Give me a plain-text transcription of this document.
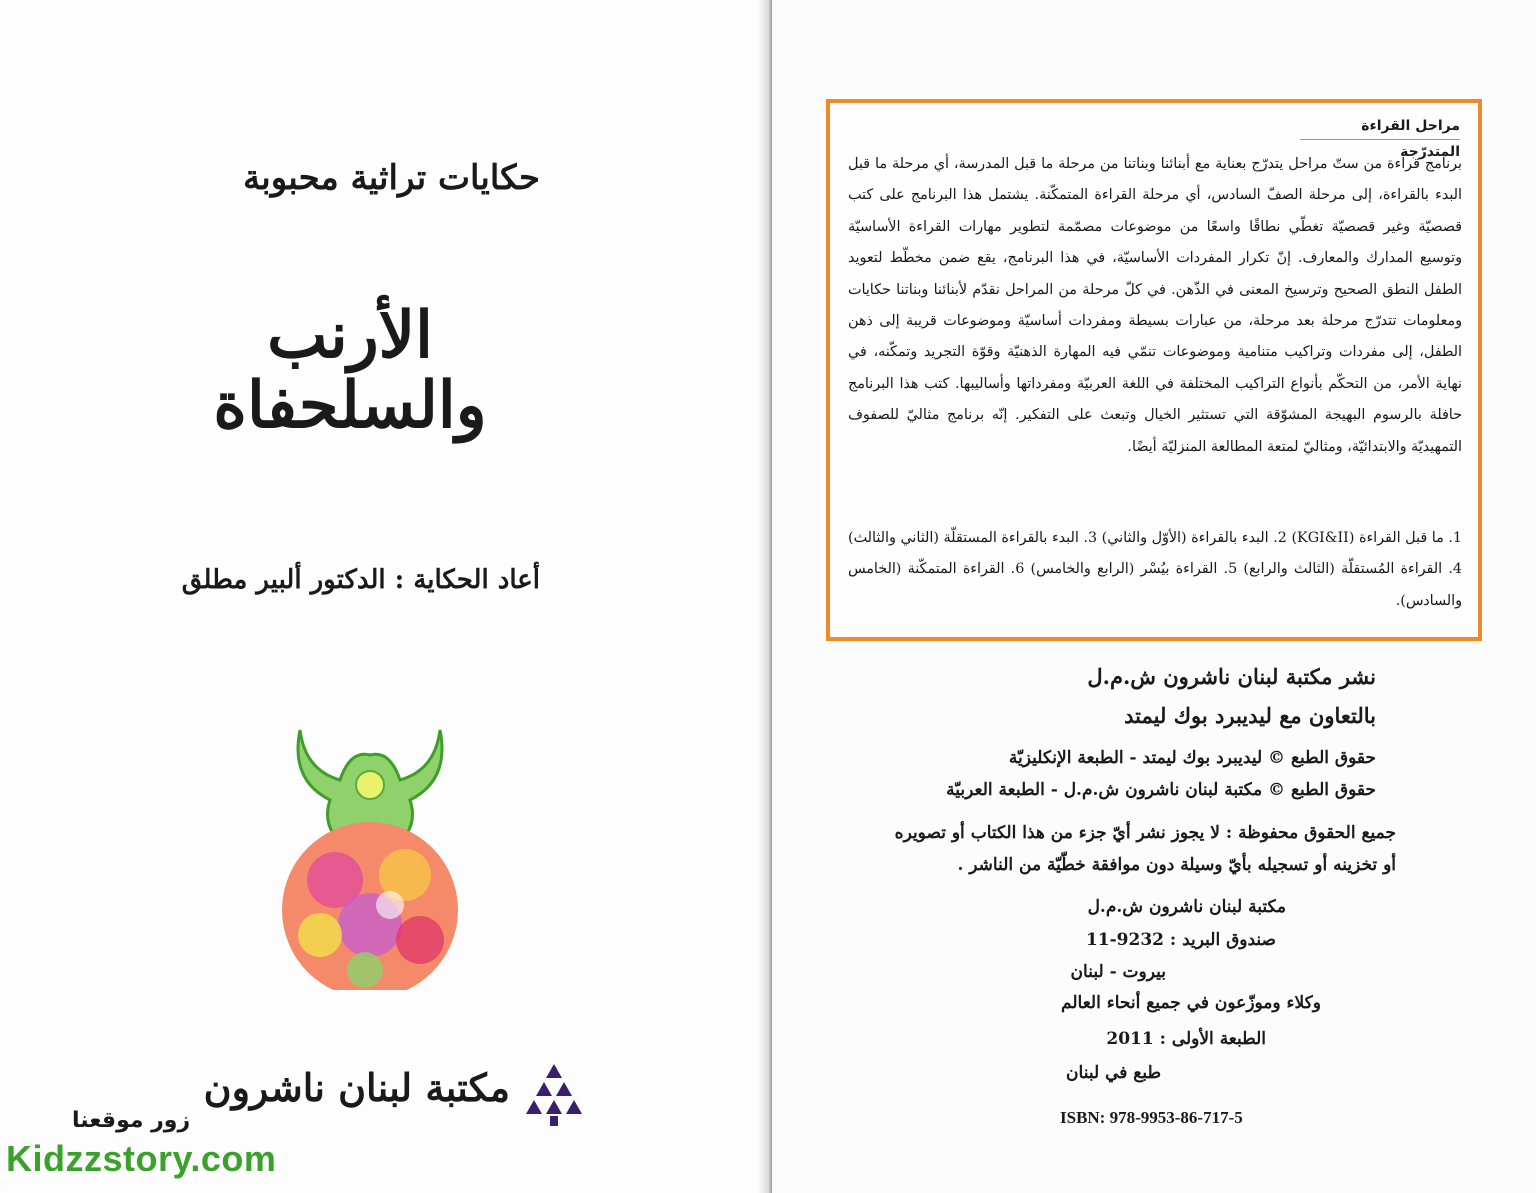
حكايات تراثية محبوبة
الأرنب
والسلحفاة
أعاد الحكاية : الدكتور ألبير مطلق
مكتبة لبنان ناشرون
زور موقعنا
Kidzzstory.com
مراحل القراءة المتدرّجة
برنامج قراءة من ستّ مراحل يتدرّج بعناية مع أبنائنا وبناتنا من مرحلة ما قبل المدرسة، أي مرحلة ما قبل البدء بالقراءة، إلى مرحلة الصفّ السادس، أي مرحلة القراءة المتمكّنة. يشتمل هذا البرنامج على كتب قصصيّة وغير قصصيّة تغطّي نطاقًا واسعًا من موضوعات مصمّمة لتطوير مهارات القراءة الأساسيّة وتوسيع المدارك والمعارف. إنّ تكرار المفردات الأساسيّة، في هذا البرنامج، يقع ضمن مخطّط لتعويد الطفل النطق الصحيح وترسيخ المعنى في الذّهن. في كلّ مرحلة من المراحل نقدّم لأبنائنا وبناتنا حكايات ومعلومات تتدرّج مرحلة بعد مرحلة، من عبارات بسيطة ومفردات أساسيّة وموضوعات قريبة إلى ذهن الطفل، إلى مفردات وتراكيب متنامية وموضوعات تنمّي فيه المهارة الذهنيّة وقوّة التجريد وتمكّنه، في نهاية الأمر، من التحكّم بأنواع التراكيب المختلفة في اللغة العربيّة ومفرداتها وأساليبها. كتب هذا البرنامج حافلة بالرسوم البهيجة المشوّقة التي تستثير الخيال وتبعث على التفكير. إنّه برنامج مثاليّ للصفوف التمهيديّة والابتدائيّة، ومثاليّ لمتعة المطالعة المنزليّة أيضًا.
1. ما قبل القراءة (KGI&II) 2. البدء بالقراءة (الأوّل والثاني) 3. البدء بالقراءة المستقلّة (الثاني والثالث) 4. القراءة المُستقلّة (الثالث والرابع) 5. القراءة بيُسْر (الرابع والخامس) 6. القراءة المتمكّنة (الخامس والسادس).
نشر مكتبة لبنان ناشرون ش.م.ل
بالتعاون مع ليديبرد بوك ليمتد
حقوق الطبع © ليديبرد بوك ليمتد - الطبعة الإنكليزيّة
حقوق الطبع © مكتبة لبنان ناشرون ش.م.ل - الطبعة العربيّة
جميع الحقوق محفوظة : لا يجوز نشر أيّ جزء من هذا الكتاب أو تصويره
أو تخزينه أو تسجيله بأيّ وسيلة دون موافقة خطّيّة من الناشر .
مكتبة لبنان ناشرون ش.م.ل
صندوق البريد : 9232-11
بيروت - لبنان
وكلاء وموزّعون في جميع أنحاء العالم
الطبعة الأولى : 2011
طبع في لبنان
ISBN: 978-9953-86-717-5
